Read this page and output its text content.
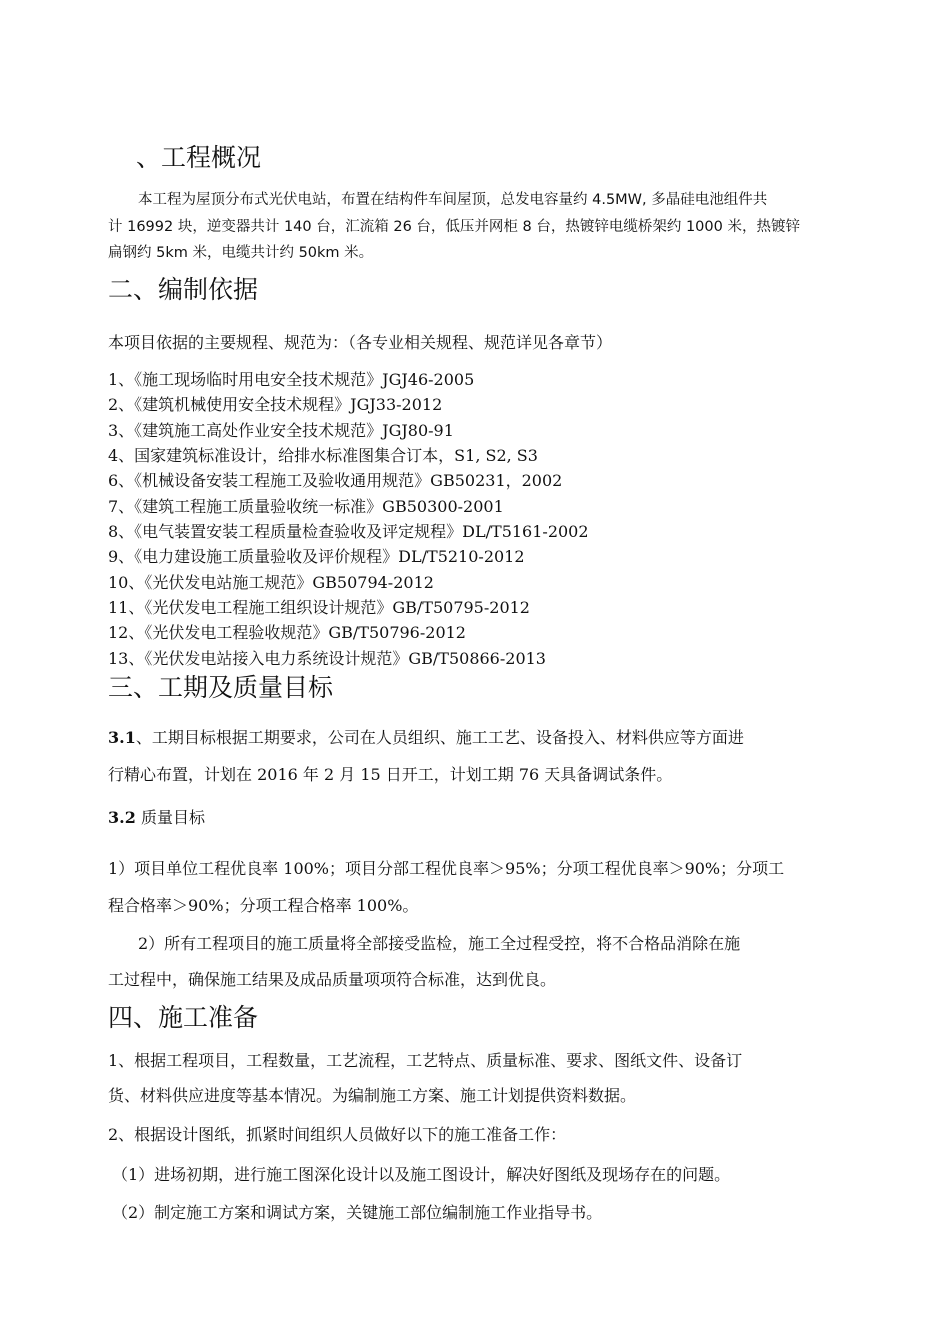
、工程概况
本工程为屋顶分布式光伏电站，布置在结构件车间屋顶，总发电容量约 4.5MW, 多晶硅电池组件共
计 16992 块，逆变器共计 140 台，汇流箱 26 台，低压并网柜 8 台，热镀锌电缆桥架约 1000 米，热镀锌
扁钢约 5km 米，电缆共计约 50km 米。
二、编制依据
本项目依据的主要规程、规范为：（各专业相关规程、规范详见各章节）
1、《施工现场临时用电安全技术规范》JGJ46-2005
2、《建筑机械使用安全技术规程》JGJ33-2012
3、《建筑施工高处作业安全技术规范》JGJ80-91
4、国家建筑标准设计，给排水标准图集合订本，S1, S2, S3
6、《机械设备安装工程施工及验收通用规范》GB50231，2002
7、《建筑工程施工质量验收统一标准》GB50300-2001
8、《电气装置安装工程质量检查验收及评定规程》DL/T5161-2002
9、《电力建设施工质量验收及评价规程》DL/T5210-2012
10、《光伏发电站施工规范》GB50794-2012
11、《光伏发电工程施工组织设计规范》GB/T50795-2012
12、《光伏发电工程验收规范》GB/T50796-2012
13、《光伏发电站接入电力系统设计规范》GB/T50866-2013
三、工期及质量目标
3.1、工期目标根据工期要求，公司在人员组织、施工工艺、设备投入、材料供应等方面进
行精心布置，计划在 2016 年 2 月 15 日开工，计划工期 76 天具备调试条件。
3.2 质量目标
1）项目单位工程优良率 100%；项目分部工程优良率＞95%；分项工程优良率＞90%；分项工
程合格率＞90%；分项工程合格率 100%。
2）所有工程项目的施工质量将全部接受监检，施工全过程受控，将不合格品消除在施
工过程中，确保施工结果及成品质量项项符合标准，达到优良。
四、施工准备
1、根据工程项目，工程数量，工艺流程，工艺特点、质量标准、要求、图纸文件、设备订
货、材料供应进度等基本情况。为编制施工方案、施工计划提供资料数据。
2、根据设计图纸，抓紧时间组织人员做好以下的施工准备工作：
（1）进场初期，进行施工图深化设计以及施工图设计，解决好图纸及现场存在的问题。
（2）制定施工方案和调试方案，关键施工部位编制施工作业指导书。
